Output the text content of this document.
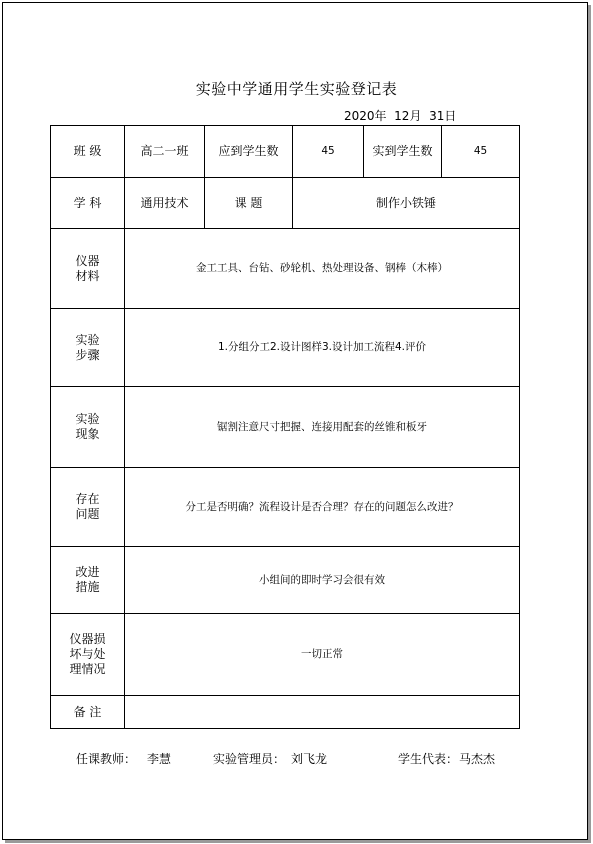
实验中学通用学生实验登记表
2020年  12月  31日
班 级	高二一班	应到学生数	45	实到学生数	45
学 科	通用技术	课 题	制作小铁锤		
仪器
材料	金工工具、台钻、砂轮机、热处理设备、钢棒（木棒）				
实验
步骤	1.分组分工2.设计图样3.设计加工流程4.评价				
实验
现象	锯割注意尺寸把握、连接用配套的丝锥和板牙				
存在
问题	分工是否明确？流程设计是否合理？存在的问题怎么改进？				
改进
措施	小组间的即时学习会很有效				
仪器损
坏与处
理情况	一切正常				
备 注					
任课教师： 李慧	实验管理员： 刘飞龙	学生代表： 马杰杰
